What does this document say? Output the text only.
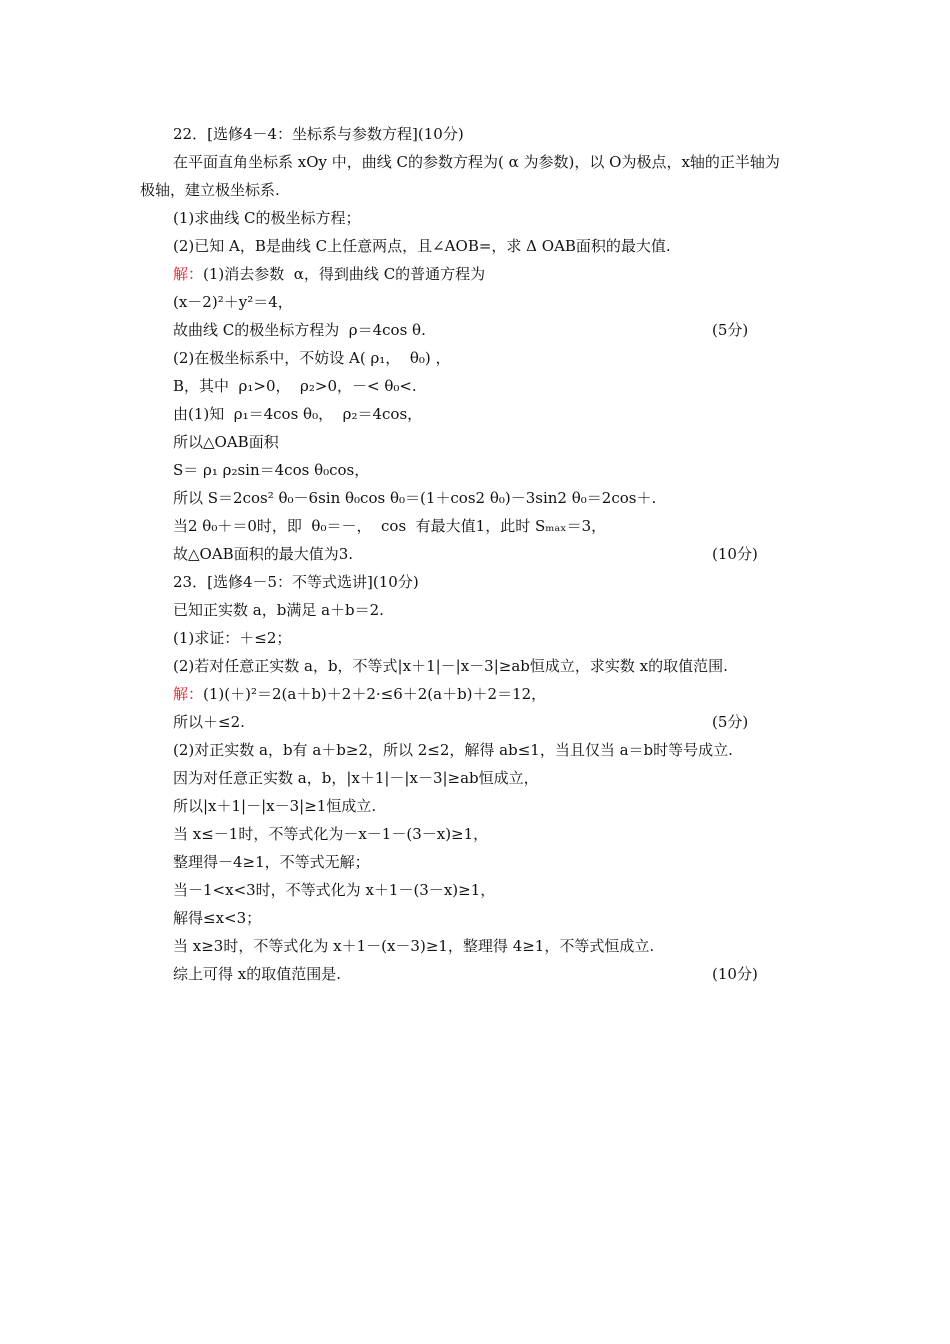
22．[选修4－4：坐标系与参数方程](10分)
在平面直角坐标系 xOy 中，曲线 C的参数方程为( α 为参数)，以 O为极点，x轴的正半轴为
极轴，建立极坐标系.
(1)求曲线 C的极坐标方程；
(2)已知 A，B是曲线 C上任意两点，且∠AOB=，求 Δ OAB面积的最大值.
解：(1)消去参数  α，得到曲线 C的普通方程为
(x－2)²＋y²＝4，
故曲线 C的极坐标方程为  ρ＝4cos θ.	(5分)
(2)在极坐标系中，不妨设 A( ρ₁，  θ₀) ，
B，其中  ρ₁>0，  ρ₂>0，－< θ₀<.
由(1)知  ρ₁＝4cos θ₀，  ρ₂＝4cos，
所以△OAB面积
S＝ ρ₁ ρ₂sin＝4cos θ₀cos，
所以 S＝2cos² θ₀－6sin θ₀cos θ₀＝(1＋cos2 θ₀)－3sin2 θ₀＝2cos＋.
当2 θ₀＋＝0时，即  θ₀＝－，  cos  有最大值1，此时 Sₘₐₓ＝3，
故△OAB面积的最大值为3.	(10分)
23．[选修4－5：不等式选讲](10分)
已知正实数 a，b满足 a＋b＝2.
(1)求证：＋≤2；
(2)若对任意正实数 a，b，不等式|x＋1|－|x－3|≥ab恒成立，求实数 x的取值范围.
解：(1)(＋)²＝2(a＋b)＋2＋2·≤6＋2(a＋b)＋2＝12，
所以＋≤2.	(5分)
(2)对正实数 a，b有 a＋b≥2，所以 2≤2，解得 ab≤1，当且仅当 a＝b时等号成立.
因为对任意正实数 a，b，|x＋1|－|x－3|≥ab恒成立，
所以|x＋1|－|x－3|≥1恒成立.
当 x≤－1时，不等式化为－x－1－(3－x)≥1，
整理得－4≥1，不等式无解；
当－1<x<3时，不等式化为 x＋1－(3－x)≥1，
解得≤x<3；
当 x≥3时，不等式化为 x＋1－(x－3)≥1，整理得 4≥1，不等式恒成立.
综上可得 x的取值范围是.	(10分)
